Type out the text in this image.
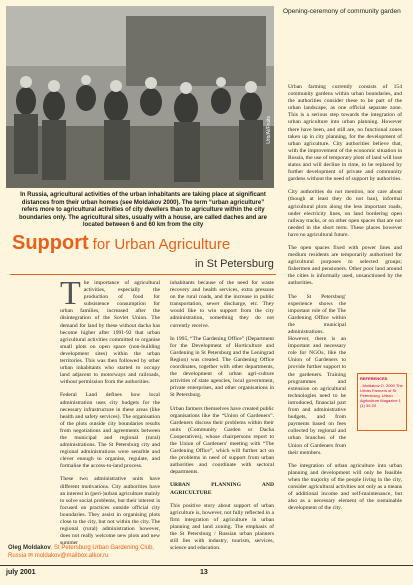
Urb/Al/Fruits
Opening-ceremony of community garden
In Russia, agricultural activities of the urban inhabitants are taking place at significant distances from their urban homes (see Moldakov 2000). The term “urban agriculture” refers more to agricultural activities of city dwellers than to agriculture within the city boundaries only. The agricultural sites, usually with a house, are called daches and are located between 6 and 60 km from the city
Support for Urban Agriculture
in St Petersburg

The importance of agricultural activities, especially the production of food for subsistence consumption for urban families, increased after the disintegration of the Soviet Union. The demand for land by these without dacha has become higher after 1991-92 that urban agricultural activities committed to organise small plots on open space (non-building development sites) within the urban territories. This was then followed by other urban inhabitants who started to occupy land adjacent to motorways and railroads, without permission from the authorities.

Federal Land defines how local administration uses city budgets for the necessary infrastructure in these areas (like health and safety services). The organisation of the plots outside city boundaries results from negotiations and agreements between the municipal and regional (rural) administrations. The St Petersburg city and regional administrations were sensible and clever enough to organise, regulate, and formalise the access-to-land process.

These two administrative units have different motivations. City authorities have an interest in (peri-)urban agriculture mainly to solve social problems, but their interest is focused on practices outside official city boundaries. They assist in organising plots close to the city, but not within the city. The regional (rural) administration however, does not really welcome new plots and new summer

inhabitants because of the need for waste recovery and health services, extra pressure on the rural roads, and the increase in public transportation, sewer discharge, etc. They would like to win support from the city administration, something they do not currently receive.

In 1995, “The Gardening Office” (Department for the Development of Horticulture and Gardening in St Petersburg and the Leningrad Region) was created. The Gardening Office coordinates, together with other departments, the development of urban agri-culture activities of state agencies, local government, private enterprises, and other organisations in St Petersburg.

Urban farmers themselves have created public organisations like the “Union of Gardeners”. Gardeners discuss their problems within their units (Community Garden or Dacha Cooperatives), whose chairpersons report to the Union of Gardeners' meeting with “The Gardening Office”, which will further act on the problems in need of support from urban authorities and coordinate with sectoral departments.

URBAN PLANNING AND AGRICULTURE

This positive story about support of urban agriculture is, however, not fully reflected in a firm integration of agriculture in urban planning and land zoning. The emphasis of the St Petersburg / Russian urban planners still lies with industry, tourism, services, science and education.

Urban farming currently consists of 154 community gardens within urban boundaries, and the authorities consider these to be part of the urban landscape, as one official separate zone. This is a serious step towards the integration of urban agriculture into urban planning. However there have been, and still are, no functional zones taken up in city planning, for the development of urban agriculture. City authorities believe that, with the improvement of the economic situation in Russia, the use of temporary plots of land will lose status and will decline in time, to be replaced by further development of private and community gardens without the need of support by authorities.

City authorities do not mention, nor care about (though at least they do not ban), informal agricultural plots along the less important roads, under electricity lines, on land bordering open railway tracks, or on other open spaces that are not needed in the short term. These places however have no agricultural future.

The open spaces fixed with power lines and medium residents are temporarily authorised for agricultural purposes to selected groups; fishermen and pensioners. Other poor land around the cities is informally used, unsanctioned by the authorities.

The St Petersburg' experience shows the important role of the The Gardening Office within the municipal administrations. However, there is an important and necessary role for NGOs, like the Union of Gardeners to provide further support to the gardeners. Training programmes and extension on agricultural technologies need to be introduced, financial part from and administrative budgets, and from payments based on fees collected by regional and urban branches of the Union of Gardeners from their members.

The integration of urban agriculture into urban planning and development will only be feasible when the majority of the people living in the city, consider agricultural activities not only as a means of additional income and self-maintenance, but also as a necessary element of the sustainable development of the city.

REFERENCES
- Moldakov O. 2000 The Urban Farmers of St Petersburg. Urban Agriculture Magazine 1 (1) 39-20
Oleg Moldakov, St Petersburg Urban Gardening Club, Russia ✉ moldakov@mailbox.alkor.ru
july 2001	13
